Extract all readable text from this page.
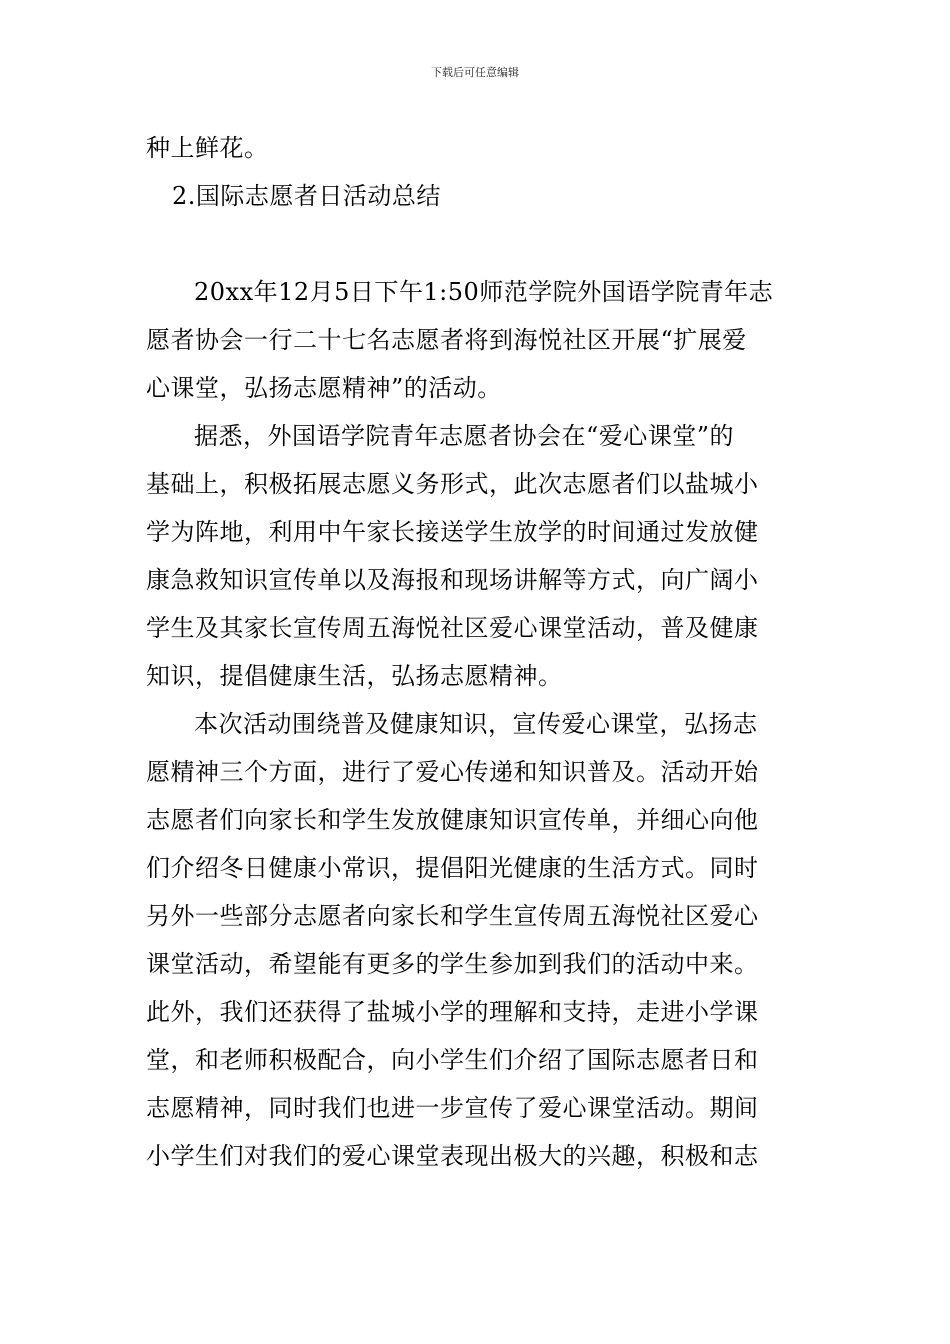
下载后可任意编辑
种上鲜花。
2.国际志愿者日活动总结
20xx年12月5日下午1:50师范学院外国语学院青年志
愿者协会一行二十七名志愿者将到海悦社区开展“扩展爱
心课堂，弘扬志愿精神”的活动。
据悉，外国语学院青年志愿者协会在“爱心课堂”的
基础上，积极拓展志愿义务形式，此次志愿者们以盐城小
学为阵地，利用中午家长接送学生放学的时间通过发放健
康急救知识宣传单以及海报和现场讲解等方式，向广阔小
学生及其家长宣传周五海悦社区爱心课堂活动，普及健康
知识，提倡健康生活，弘扬志愿精神。
本次活动围绕普及健康知识，宣传爱心课堂，弘扬志
愿精神三个方面，进行了爱心传递和知识普及。活动开始
志愿者们向家长和学生发放健康知识宣传单，并细心向他
们介绍冬日健康小常识，提倡阳光健康的生活方式。同时
另外一些部分志愿者向家长和学生宣传周五海悦社区爱心
课堂活动，希望能有更多的学生参加到我们的活动中来。
此外，我们还获得了盐城小学的理解和支持，走进小学课
堂，和老师积极配合，向小学生们介绍了国际志愿者日和
志愿精神，同时我们也进一步宣传了爱心课堂活动。期间
小学生们对我们的爱心课堂表现出极大的兴趣，积极和志
